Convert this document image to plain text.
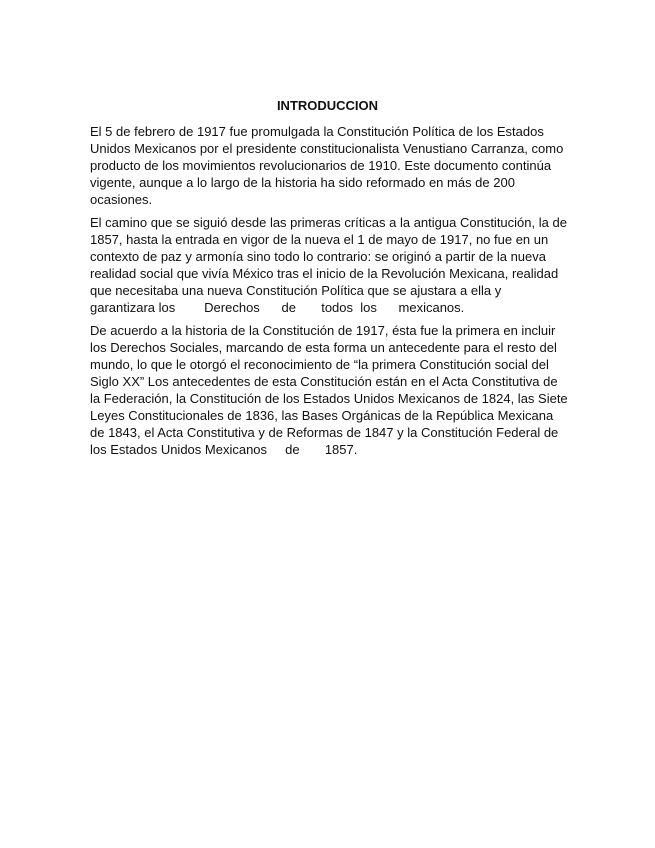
INTRODUCCION
El 5 de febrero de 1917 fue promulgada la Constitución Política de los Estados
Unidos Mexicanos por el presidente constitucionalista Venustiano Carranza, como
producto de los movimientos revolucionarios de 1910. Este documento continúa
vigente, aunque a lo largo de la historia ha sido reformado en más de 200
ocasiones.
El camino que se siguió desde las primeras críticas a la antigua Constitución, la de
1857, hasta la entrada en vigor de la nueva el 1 de mayo de 1917, no fue en un
contexto de paz y armonía sino todo lo contrario: se originó a partir de la nueva
realidad social que vivía México tras el inicio de la Revolución Mexicana, realidad
que necesitaba una nueva Constitución Política que se ajustara a ella y
garantizara los        Derechos      de       todos  los      mexicanos.
De acuerdo a la historia de la Constitución de 1917, ésta fue la primera en incluir
los Derechos Sociales, marcando de esta forma un antecedente para el resto del
mundo, lo que le otorgó el reconocimiento de “la primera Constitución social del
Siglo XX” Los antecedentes de esta Constitución están en el Acta Constitutiva de
la Federación, la Constitución de los Estados Unidos Mexicanos de 1824, las Siete
Leyes Constitucionales de 1836, las Bases Orgánicas de la República Mexicana
de 1843, el Acta Constitutiva y de Reformas de 1847 y la Constitución Federal de
los Estados Unidos Mexicanos     de       1857.
